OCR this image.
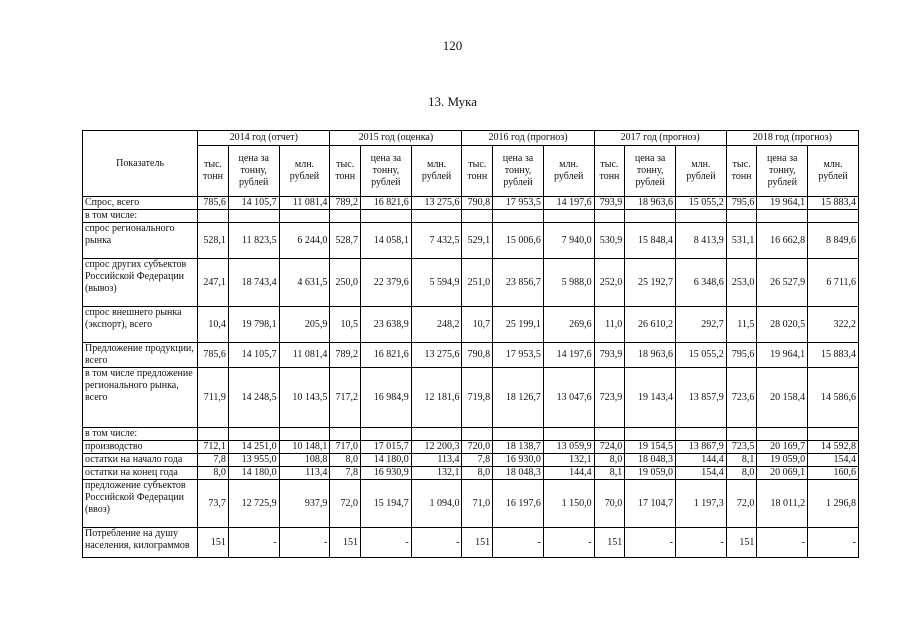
120
13. Мука
Показатель	2014 год (отчет)			2015 год (оценка)			2016 год (прогноз)			2017 год (прогноз)			2018 год (прогноз)		
	тыс. тонн	цена за тонну, рублей	млн. рублей	тыс. тонн	цена за тонну, рублей	млн. рублей	тыс. тонн	цена за тонну, рублей	млн. рублей	тыс. тонн	цена за тонну, рублей	млн. рублей	тыс. тонн	цена за тонну, рублей	млн. рублей
Спрос, всего	785,6	14 105,7	11 081,4	789,2	16 821,6	13 275,6	790,8	17 953,5	14 197,6	793,9	18 963,6	15 055,2	795,6	19 964,1	15 883,4
в том числе:															
спрос регионального рынка	528,1	11 823,5	6 244,0	528,7	14 058,1	7 432,5	529,1	15 006,6	7 940,0	530,9	15 848,4	8 413,9	531,1	16 662,8	8 849,6
спрос других субъектов Российской Федерации (вывоз)	247,1	18 743,4	4 631,5	250,0	22 379,6	5 594,9	251,0	23 856,7	5 988,0	252,0	25 192,7	6 348,6	253,0	26 527,9	6 711,6
спрос внешнего рынка (экспорт), всего	10,4	19 798,1	205,9	10,5	23 638,9	248,2	10,7	25 199,1	269,6	11,0	26 610,2	292,7	11,5	28 020,5	322,2
Предложение продукции, всего	785,6	14 105,7	11 081,4	789,2	16 821,6	13 275,6	790,8	17 953,5	14 197,6	793,9	18 963,6	15 055,2	795,6	19 964,1	15 883,4
в том числе предложение регионального рынка, всего	711,9	14 248,5	10 143,5	717,2	16 984,9	12 181,6	719,8	18 126,7	13 047,6	723,9	19 143,4	13 857,9	723,6	20 158,4	14 586,6
в том числе:															
производство	712,1	14 251,0	10 148,1	717,0	17 015,7	12 200,3	720,0	18 138,7	13 059,9	724,0	19 154,5	13 867,9	723,5	20 169,7	14 592,8
остатки на начало года	7,8	13 955,0	108,8	8,0	14 180,0	113,4	7,8	16 930,0	132,1	8,0	18 048,3	144,4	8,1	19 059,0	154,4
остатки на конец года	8,0	14 180,0	113,4	7,8	16 930,9	132,1	8,0	18 048,3	144,4	8,1	19 059,0	154,4	8,0	20 069,1	160,6
предложение субъектов Российской Федерации (ввоз)	73,7	12 725,9	937,9	72,0	15 194,7	1 094,0	71,0	16 197,6	1 150,0	70,0	17 104,7	1 197,3	72,0	18 011,2	1 296,8
Потребление на душу населения, килограммов	151	-	-	151	-	-	151	-	-	151	-	-	151	-	-
